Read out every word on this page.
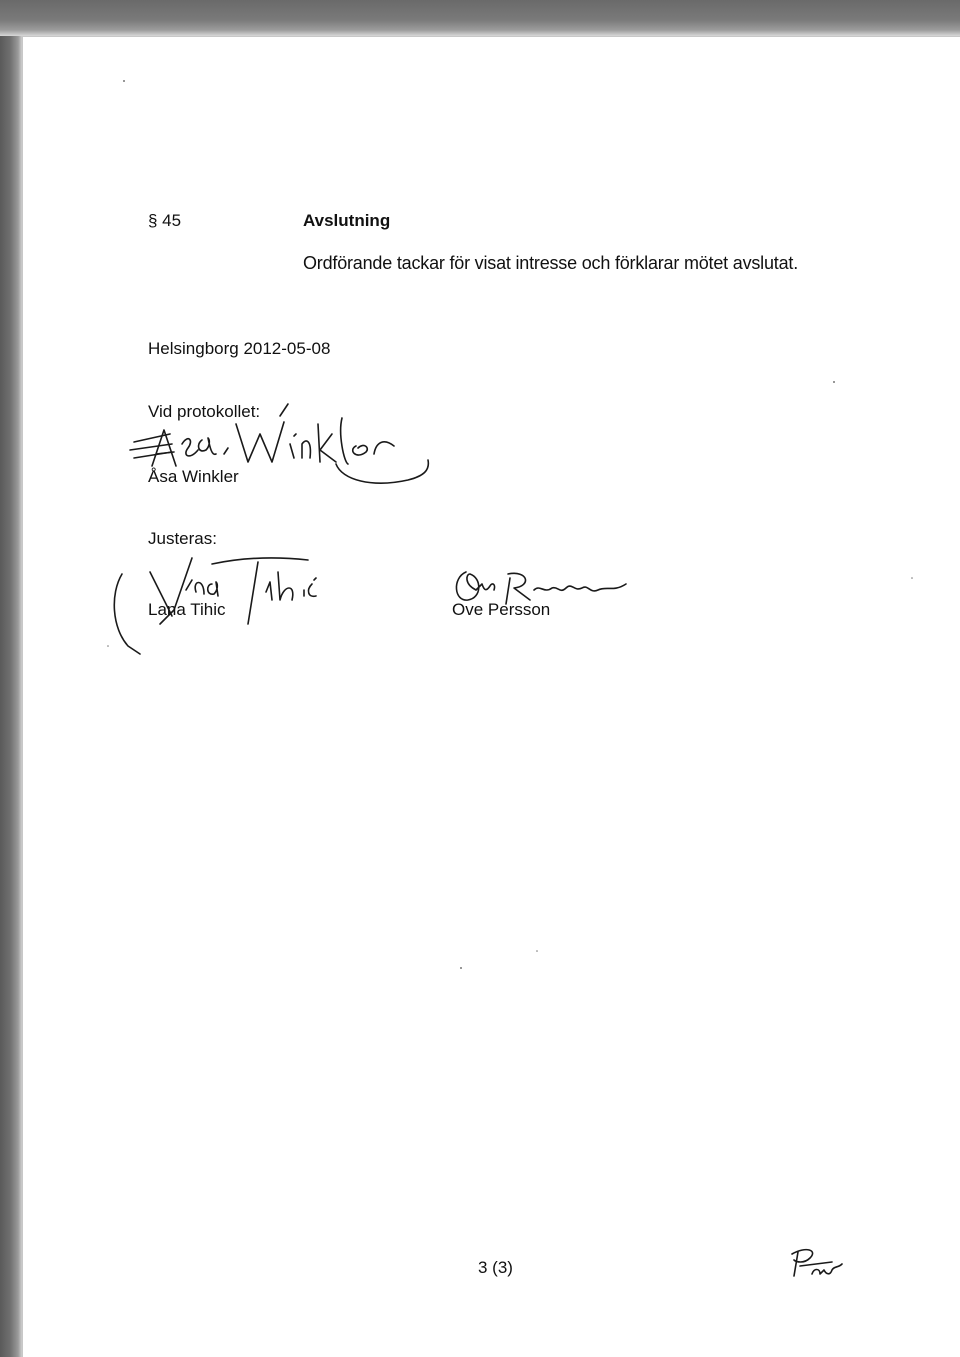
§ 45	Avslutning
Ordförande tackar för visat intresse och förklarar mötet avslutat.
Helsingborg 2012-05-08
Vid protokollet:
Åsa Winkler
Justeras:
Lana Tihic	Ove Persson
3 (3)
